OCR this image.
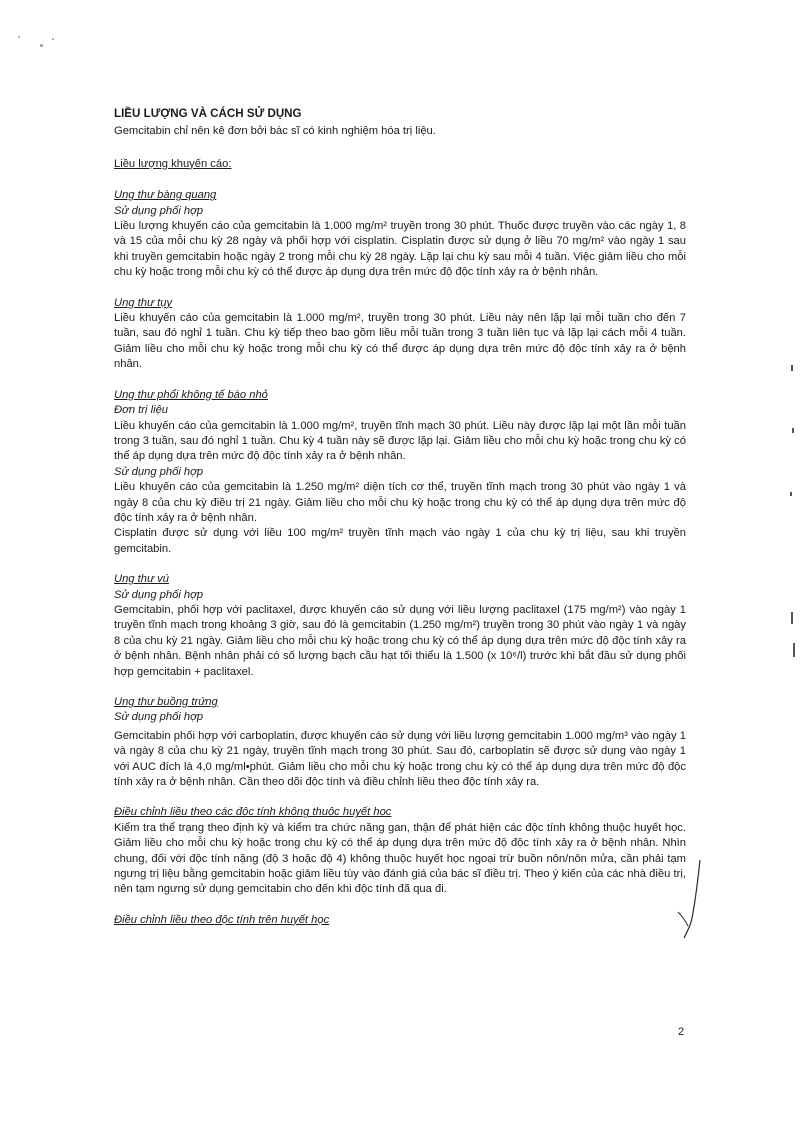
LIỀU LƯỢNG VÀ CÁCH SỬ DỤNG
Gemcitabin chỉ nên kê đơn bởi bác sĩ có kinh nghiệm hóa trị liệu.
Liều lượng khuyến cáo:
Ung thư bàng quang
Sử dụng phối hợp
Liều lượng khuyến cáo của gemcitabin là 1.000 mg/m² truyền trong 30 phút. Thuốc được truyền vào các ngày 1, 8 và 15 của mỗi chu kỳ 28 ngày và phối hợp với cisplatin. Cisplatin được sử dụng ở liều 70 mg/m² vào ngày 1 sau khi truyền gemcitabin hoặc ngày 2 trong mỗi chu kỳ 28 ngày. Lặp lại chu kỳ sau mỗi 4 tuần. Việc giảm liều cho mỗi chu kỳ hoặc trong mỗi chu kỳ có thể được áp dụng dựa trên mức độ độc tính xảy ra ở bệnh nhân.
Ung thư tụy
Liều khuyến cáo của gemcitabin là 1.000 mg/m², truyền trong 30 phút. Liều này nên lặp lại mỗi tuần cho đến 7 tuần, sau đó nghỉ 1 tuần. Chu kỳ tiếp theo bao gồm liều mỗi tuần trong 3 tuần liên tục và lặp lại cách mỗi 4 tuần. Giảm liều cho mỗi chu kỳ hoặc trong mỗi chu kỳ có thể được áp dụng dựa trên mức độ độc tính xảy ra ở bệnh nhân.
Ung thư phổi không tế bào nhỏ
Đơn trị liệu
Liều khuyến cáo của gemcitabin là 1.000 mg/m², truyền tĩnh mạch 30 phút. Liều này được lặp lại một lần mỗi tuần trong 3 tuần, sau đó nghỉ 1 tuần. Chu kỳ 4 tuần này sẽ được lặp lại. Giảm liều cho mỗi chu kỳ hoặc trong chu kỳ có thể áp dụng dựa trên mức độ độc tính xảy ra ở bệnh nhân.
Sử dụng phối hợp
Liều khuyến cáo của gemcitabin là 1.250 mg/m² diện tích cơ thể, truyền tĩnh mạch trong 30 phút vào ngày 1 và ngày 8 của chu kỳ điều trị 21 ngày. Giảm liều cho mỗi chu kỳ hoặc trong chu kỳ có thể áp dụng dựa trên mức độ độc tính xảy ra ở bệnh nhân.
Cisplatin được sử dụng với liều 100 mg/m² truyền tĩnh mạch vào ngày 1 của chu kỳ trị liệu, sau khi truyền gemcitabin.
Ung thư vú
Sử dụng phối hợp
Gemcitabin, phối hợp với paclitaxel, được khuyến cáo sử dụng với liều lượng paclitaxel (175 mg/m²) vào ngày 1 truyền tĩnh mạch trong khoảng 3 giờ, sau đó là gemcitabin (1.250 mg/m²) truyền trong 30 phút vào ngày 1 và ngày 8 của chu kỳ 21 ngày. Giảm liều cho mỗi chu kỳ hoặc trong chu kỳ có thể áp dụng dựa trên mức độ độc tính xảy ra ở bệnh nhân. Bệnh nhân phải có số lượng bạch cầu hạt tối thiểu là 1.500 (x 10⁶/l) trước khi bắt đầu sử dụng phối hợp gemcitabin + paclitaxel.
Ung thư buồng trứng
Sử dụng phối hợp
Gemcitabin phối hợp với carboplatin, được khuyến cáo sử dụng với liều lượng gemcitabin 1.000 mg/m³ vào ngày 1 và ngày 8 của chu kỳ 21 ngày, truyền tĩnh mạch trong 30 phút. Sau đó, carboplatin sẽ được sử dụng vào ngày 1 với AUC đích là 4,0 mg/ml•phút. Giảm liều cho mỗi chu kỳ hoặc trong chu kỳ có thể áp dụng dựa trên mức độ độc tính xảy ra ở bệnh nhân. Cần theo dõi độc tính và điều chỉnh liều theo độc tính xảy ra.
Điều chỉnh liều theo các độc tính không thuộc huyết học
Kiểm tra thể trạng theo định kỳ và kiểm tra chức năng gan, thận để phát hiện các độc tính không thuộc huyết học. Giảm liều cho mỗi chu kỳ hoặc trong chu kỳ có thể áp dụng dựa trên mức độ độc tính xảy ra ở bệnh nhân. Nhìn chung, đối với độc tính nặng (độ 3 hoặc độ 4) không thuộc huyết học ngoại trừ buồn nôn/nôn mửa, cần phải tạm ngưng trị liệu bằng gemcitabin hoặc giảm liều tùy vào đánh giá của bác sĩ điều trị. Theo ý kiến của các nhà điều trị, nên tạm ngưng sử dụng gemcitabin cho đến khi độc tính đã qua đi.
Điều chỉnh liều theo độc tính trên huyết học
2
